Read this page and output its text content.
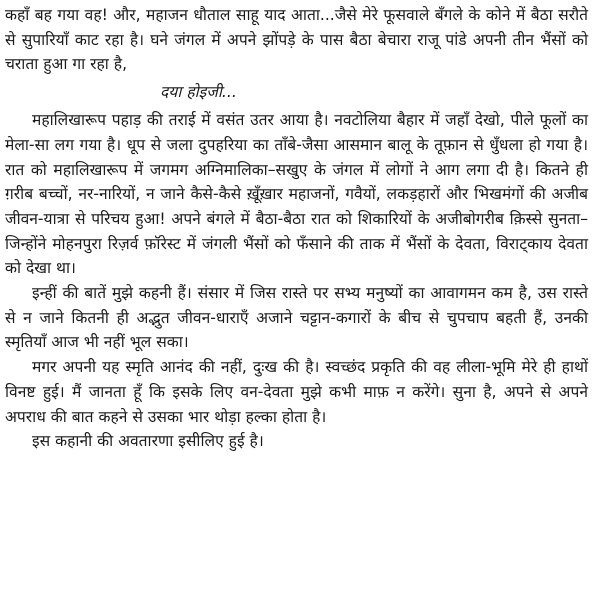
कहाँ बह गया वह! और, महाजन धौताल साहू याद आता...जैसे मेरे फूसवाले बँगले के कोने में बैठा सरौते से सुपारियाँ काट रहा है। घने जंगल में अपने झोंपड़े के पास बैठा बेचारा राजू पांडे अपनी तीन भैंसों को चराता हुआ गा रहा है,

दया होइजी...

महालिखारूप पहाड़ की तराई में वसंत उतर आया है। नवटोलिया बैहार में जहाँ देखो, पीले फूलों का मेला-सा लग गया है। धूप से जला दुपहरिया का ताँबे-जैसा आसमान बालू के तूफ़ान से धुँधला हो गया है। रात को महालिखारूप में जगमग अग्निमालिका–सखुए के जंगल में लोगों ने आग लगा दी है। कितने ही ग़रीब बच्चों, नर-नारियों, न जाने कैसे-कैसे ख़ूँख़ार महाजनों, गवैयों, लकड़हारों और भिखमंगों की अजीब जीवन-यात्रा से परिचय हुआ! अपने बंगले में बैठा-बैठा रात को शिकारियों के अजीबोगरीब क़िस्से सुनता–जिन्होंने मोहनपुरा रिज़र्व फ़ॉरेस्ट में जंगली भैंसों को फँसाने की ताक में भैंसों के देवता, विराट्काय देवता को देखा था।

इन्हीं की बातें मुझे कहनी हैं। संसार में जिस रास्ते पर सभ्य मनुष्यों का आवागमन कम है, उस रास्ते से न जाने कितनी ही अद्भुत जीवन-धाराएँ अजाने चट्टान-कगारों के बीच से चुपचाप बहती हैं, उनकी स्मृतियाँ आज भी नहीं भूल सका।

मगर अपनी यह स्मृति आनंद की नहीं, दुःख की है। स्वच्छंद प्रकृति की वह लीला-भूमि मेरे ही हाथों विनष्ट हुई। मैं जानता हूँ कि इसके लिए वन-देवता मुझे कभी माफ़ न करेंगे। सुना है, अपने से अपने अपराध की बात कहने से उसका भार थोड़ा हल्का होता है।

इस कहानी की अवतारणा इसीलिए हुई है।
